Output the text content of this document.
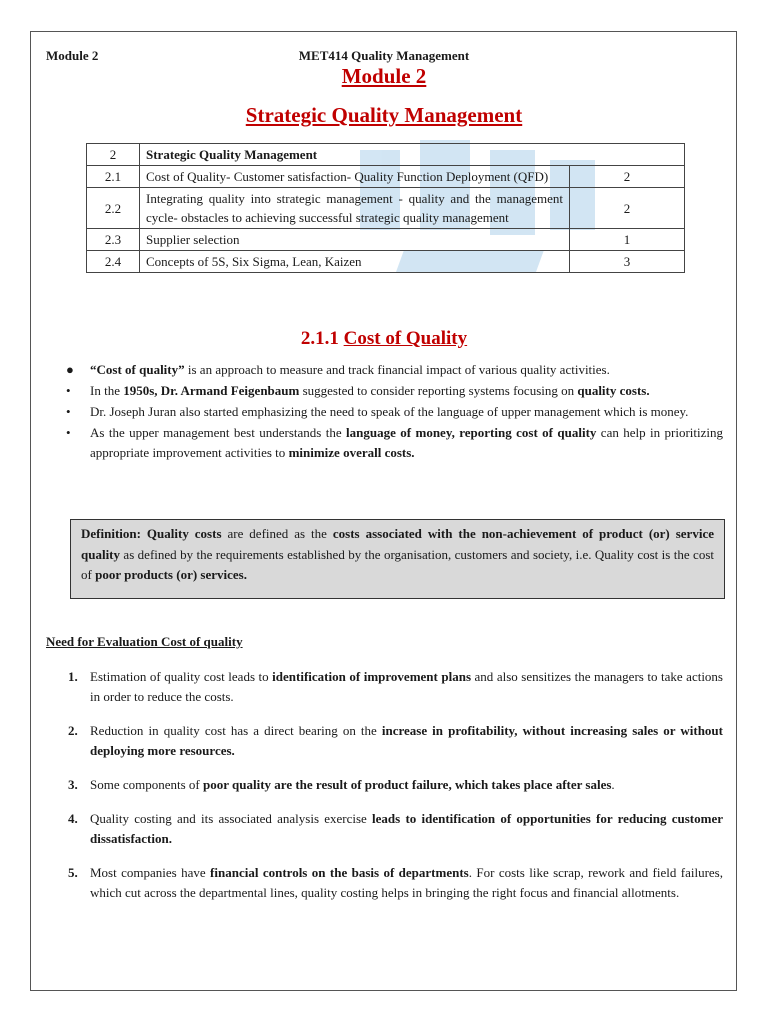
Module 2	MET414 Quality Management
Module 2
Strategic Quality Management
2	Strategic Quality Management	
2.1	Cost of Quality- Customer satisfaction- Quality Function Deployment (QFD)	2
2.2	Integrating quality into strategic management - quality and the management cycle- obstacles to achieving successful strategic quality management	2
2.3	Supplier selection	1
2.4	Concepts of 5S, Six Sigma, Lean, Kaizen	3
2.1.1 Cost of Quality
● “Cost of quality” is an approach to measure and track financial impact of various quality activities.
• In the 1950s, Dr. Armand Feigenbaum suggested to consider reporting systems focusing on quality costs.
• Dr. Joseph Juran also started emphasizing the need to speak of the language of upper management which is money.
• As the upper management best understands the language of money, reporting cost of quality can help in prioritizing appropriate improvement activities to minimize overall costs.
Definition: Quality costs are defined as the costs associated with the non-achievement of product (or) service quality as defined by the requirements established by the organisation, customers and society, i.e. Quality cost is the cost of poor products (or) services.
Need for Evaluation Cost of quality
1. Estimation of quality cost leads to identification of improvement plans and also sensitizes the managers to take actions in order to reduce the costs.
2. Reduction in quality cost has a direct bearing on the increase in profitability, without increasing sales or without deploying more resources.
3. Some components of poor quality are the result of product failure, which takes place after sales.
4. Quality costing and its associated analysis exercise leads to identification of opportunities for reducing customer dissatisfaction.
5. Most companies have financial controls on the basis of departments. For costs like scrap, rework and field failures, which cut across the departmental lines, quality costing helps in bringing the right focus and financial allotments.
